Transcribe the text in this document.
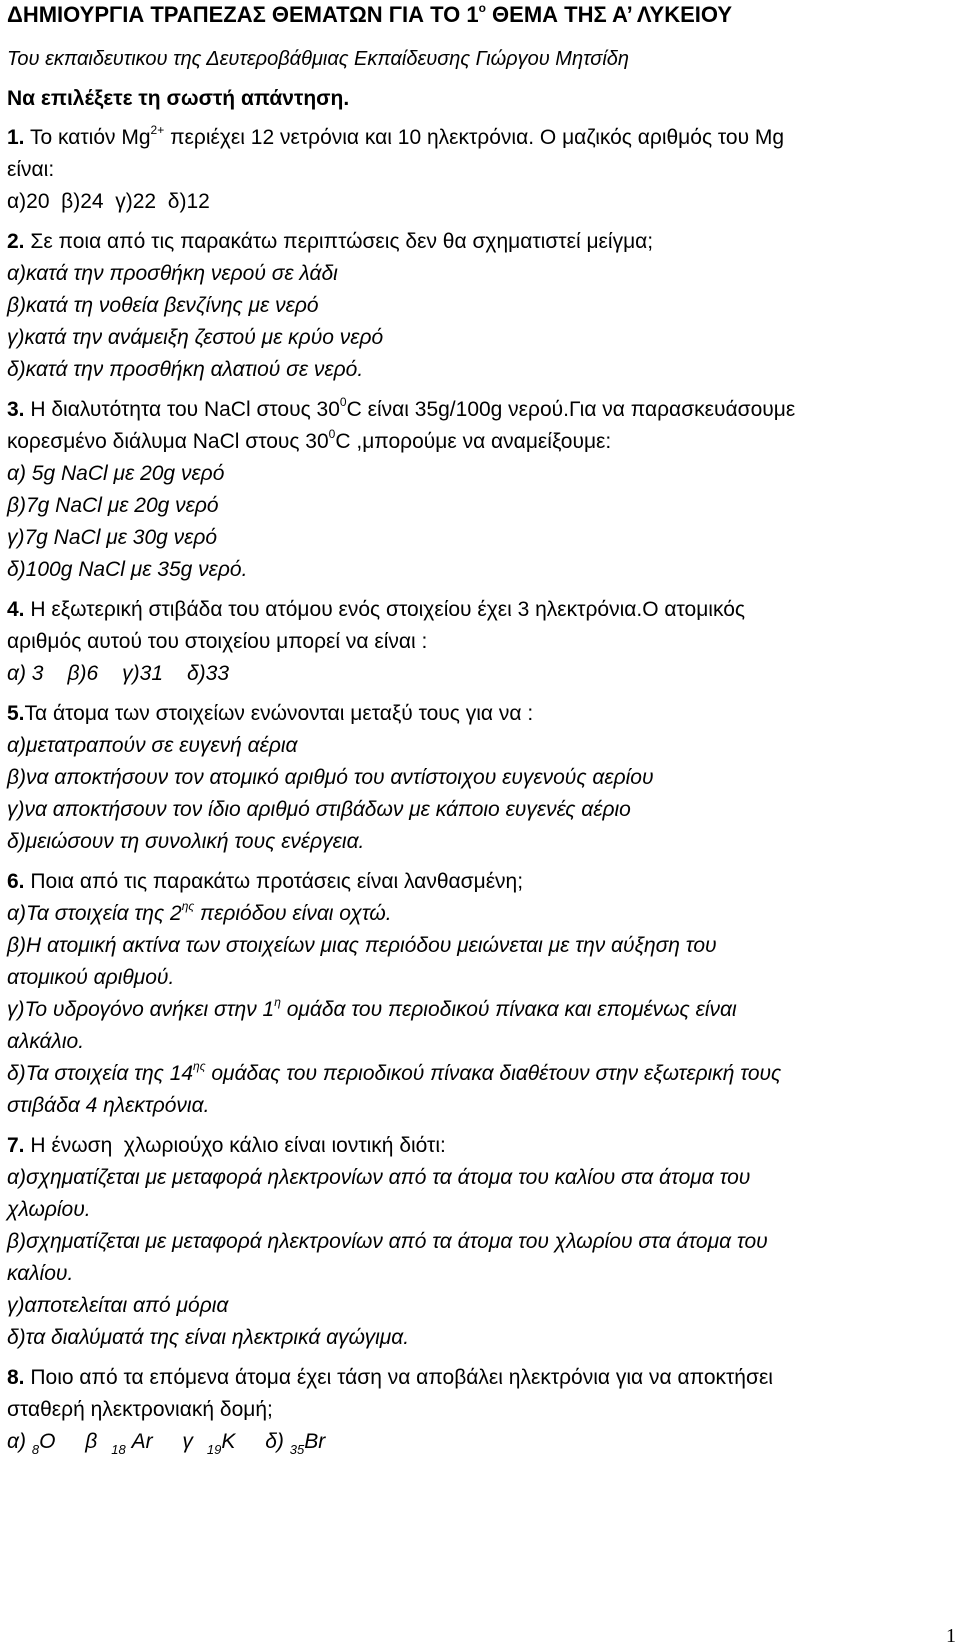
ΔΗΜΙΟΥΡΓΙΑ ΤΡΑΠΕΖΑΣ ΘΕΜΑΤΩΝ ΓΙΑ ΤΟ $1^o$ ΘΕΜΑ ΤΗΣ Α’ ΛΥΚΕΙΟΥ
Του εκπαιδευτικου της Δευτεροβάθμιας Εκπαίδευσης Γιώργου Μητσίδη
Να επιλέξετε τη σωστή απάντηση.

1. Το κατιόν $Mg^{2+}$ περιέχει 12 νετρόνια και 10 ηλεκτρόνια. Ο μαζικός αριθμός του Mg

είναι:

α)20  β)24  γ)22  δ)12

2. Σε ποια από τις παρακάτω περιπτώσεις δεν θα σχηματιστεί μείγμα;

α)κατά την προσθήκη νερού σε λάδι

β)κατά τη νοθεία βενζίνης με νερό

γ)κατά την ανάμειξη ζεστού με κρύο νερό

δ)κατά την προσθήκη αλατιού σε νερό.

3. Η διαλυτότητα του NaCl στους $30^0C$ είναι 35g/100g νερού.Για να παρασκευάσουμε

κορεσμένο διάλυμα NaCl στους $30^0C$ ,μπορούμε να αναμείξουμε:

α) 5g NaCl με 20g νερό

β)7g NaCl με 20g νερό

γ)7g NaCl με 30g νερό

δ)100g NaCl με 35g νερό.

4. Η εξωτερική στιβάδα του ατόμου ενός στοιχείου έχει 3 ηλεκτρόνια.Ο ατομικός

αριθμός αυτού του στοιχείου μπορεί να είναι :

α) 3 β)6 γ)31 δ)33

5.Τα άτομα των στοιχείων ενώνονται μεταξύ τους για να :

α)μετατραπούν σε ευγενή αέρια

β)να αποκτήσουν τον ατομικό αριθμό του αντίστοιχου ευγενούς αερίου

γ)να αποκτήσουν τον ίδιο αριθμό στιβάδων με κάποιο ευγενές αέριο

δ)μειώσουν τη συνολική τους ενέργεια.

6. Ποια από τις παρακάτω προτάσεις είναι λανθασμένη;

α)Τα στοιχεία της $2^{\eta\varsigma}$ περιόδου είναι οχτώ.

β)Η ατομική ακτίνα των στοιχείων μιας περιόδου μειώνεται με την αύξηση του

ατομικού αριθμού.

γ)Το υδρογόνο ανήκει στην $1^\eta$ ομάδα του περιοδικού πίνακα και επομένως είναι

αλκάλιο.

δ)Τα στοιχεία της $14^{\eta\varsigma}$ ομάδας του περιοδικού πίνακα διαθέτουν στην εξωτερική τους

στιβάδα 4 ηλεκτρόνια.

7. Η ένωση  χλωριούχο κάλιο είναι ιοντική διότι:

α)σχηματίζεται με μεταφορά ηλεκτρονίων από τα άτομα του καλίου στα άτομα του

χλωρίου.

β)σχηματίζεται με μεταφορά ηλεκτρονίων από τα άτομα του χλωρίου στα άτομα του

καλίου.

γ)αποτελείται από μόρια

δ)τα διαλύματά της είναι ηλεκτρικά αγώγιμα.

8. Ποιο από τα επόμενα άτομα έχει τάση να αποβάλει ηλεκτρόνια για να αποκτήσει

σταθερή ηλεκτρονιακή δομή;

α) $_8$O β $_{18}$ Ar γ $_{19}$K δ) $_{35}$Br

1
